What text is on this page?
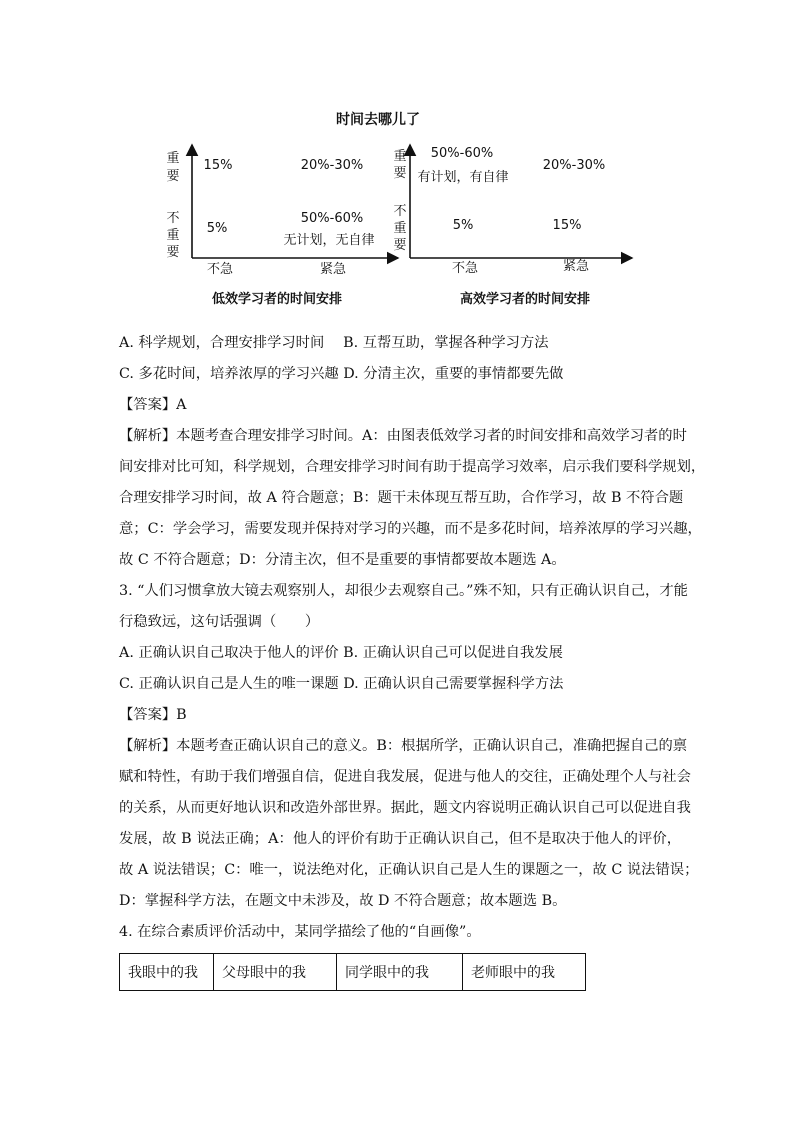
时间去哪儿了
重要
不重要
不急	紧急
15%	20%-30%
5%
50%-60%
无计划，无自律
低效学习者的时间安排
重要
不重要
不急	紧急
50%-60%
有计划，有自律
20%-30%
5%	15%
高效学习者的时间安排
A. 科学规划，合理安排学习时间　 B. 互帮互助，掌握各种学习方法
C. 多花时间，培养浓厚的学习兴趣 D. 分清主次，重要的事情都要先做
【答案】A
【解析】本题考查合理安排学习时间。A：由图表低效学习者的时间安排和高效学习者的时
间安排对比可知，科学规划，合理安排学习时间有助于提高学习效率，启示我们要科学规划，
合理安排学习时间，故 A 符合题意；B：题干未体现互帮互助，合作学习，故 B 不符合题
意；C：学会学习，需要发现并保持对学习的兴趣，而不是多花时间，培养浓厚的学习兴趣，
故 C 不符合题意；D：分清主次，但不是重要的事情都要故本题选 A。
3. “人们习惯拿放大镜去观察别人，却很少去观察自己。”殊不知，只有正确认识自己，才能
行稳致远，这句话强调（　　）
A. 正确认识自己取决于他人的评价 B. 正确认识自己可以促进自我发展
C. 正确认识自己是人生的唯一课题 D. 正确认识自己需要掌握科学方法
【答案】B
【解析】本题考查正确认识自己的意义。B：根据所学，正确认识自己，准确把握自己的禀
赋和特性，有助于我们增强自信，促进自我发展，促进与他人的交往，正确处理个人与社会
的关系，从而更好地认识和改造外部世界。据此，题文内容说明正确认识自己可以促进自我
发展，故 B 说法正确；A：他人的评价有助于正确认识自己，但不是取决于他人的评价，
故 A 说法错误；C：唯一，说法绝对化，正确认识自己是人生的课题之一，故 C 说法错误；
D：掌握科学方法，在题文中未涉及，故 D 不符合题意；故本题选 B。
4. 在综合素质评价活动中，某同学描绘了他的“自画像”。
我眼中的我	父母眼中的我	同学眼中的我	老师眼中的我
